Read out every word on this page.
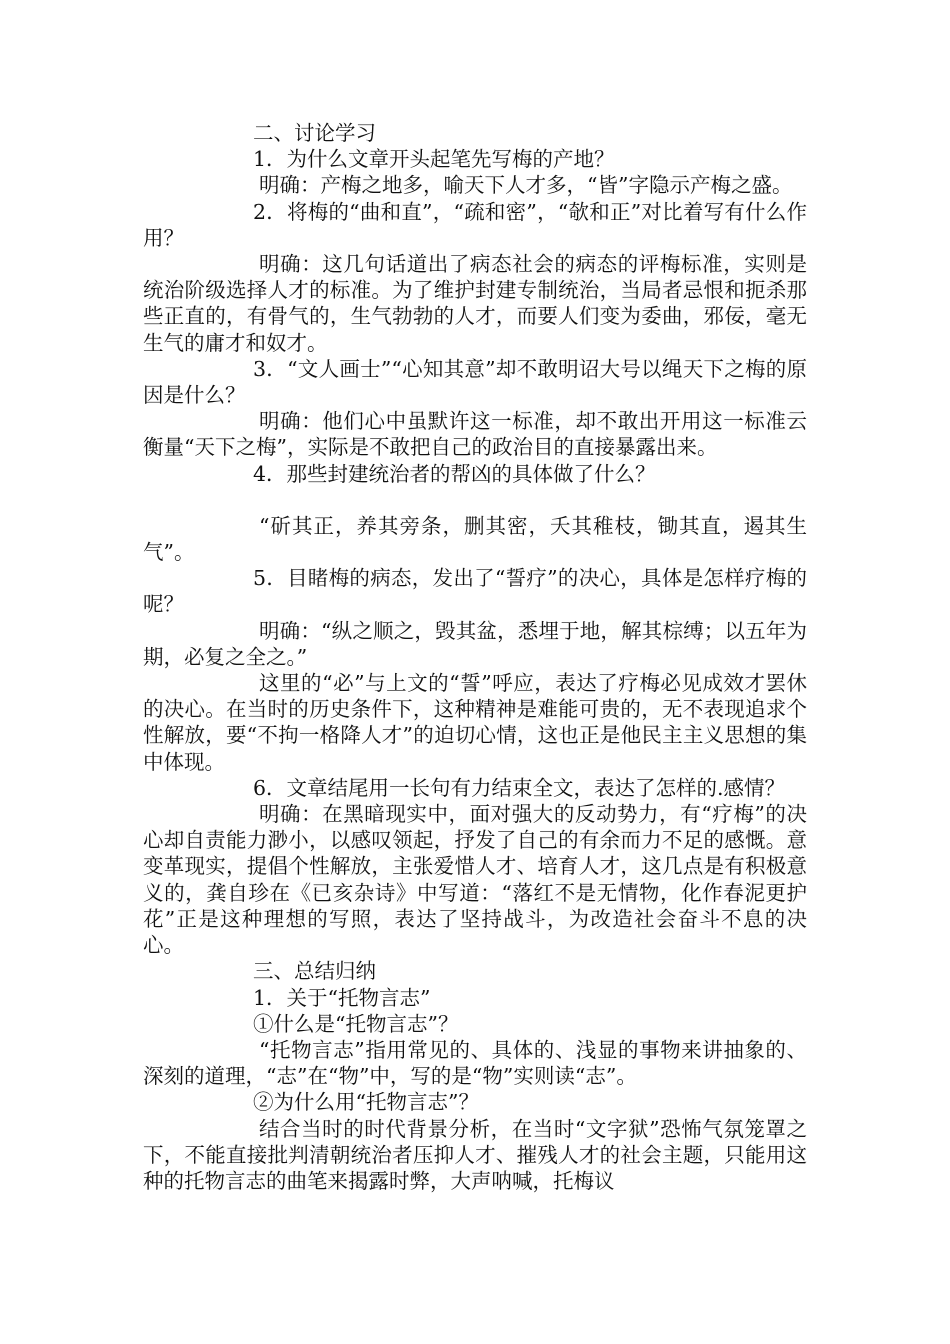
二、讨论学习

1．为什么文章开头起笔先写梅的产地？

明确：产梅之地多，喻天下人才多，“皆”字隐示产梅之盛。

2．将梅的“曲和直”，“疏和密”，“欹和正”对比着写有什么作用？

明确：这几句话道出了病态社会的病态的评梅标准，实则是统治阶级选择人才的标准。为了维护封建专制统治，当局者忌恨和扼杀那些正直的，有骨气的，生气勃勃的人才，而要人们变为委曲，邪佞，毫无生气的庸才和奴才。

3．“文人画士”“心知其意”却不敢明诏大号以绳天下之梅的原因是什么？

明确：他们心中虽默许这一标准，却不敢出开用这一标准云衡量“天下之梅”，实际是不敢把自己的政治目的直接暴露出来。

4．那些封建统治者的帮凶的具体做了什么？

“斫其正，养其旁条，删其密，夭其稚枝，锄其直，遏其生气”。

5．目睹梅的病态，发出了“誓疗”的决心，具体是怎样疗梅的呢？

明确：“纵之顺之，毁其盆，悉埋于地，解其棕缚；以五年为期，必复之全之。”

这里的“必”与上文的“誓”呼应，表达了疗梅必见成效才罢休的决心。在当时的历史条件下，这种精神是难能可贵的，无不表现追求个性解放，要“不拘一格降人才”的迫切心情，这也正是他民主主义思想的集中体现。

6．文章结尾用一长句有力结束全文，表达了怎样的.感情？

明确：在黑暗现实中，面对强大的反动势力，有“疗梅”的决心却自责能力渺小，以感叹领起，抒发了自己的有余而力不足的感慨。意变革现实，提倡个性解放，主张爱惜人才、培育人才，这几点是有积极意义的，龚自珍在《已亥杂诗》中写道：“落红不是无情物，化作春泥更护花”正是这种理想的写照，表达了坚持战斗，为改造社会奋斗不息的决心。

三、总结归纳

1．关于“托物言志”

①什么是“托物言志”？

“托物言志”指用常见的、具体的、浅显的事物来讲抽象的、深刻的道理，“志”在“物”中，写的是“物”实则读“志”。

②为什么用“托物言志”？

结合当时的时代背景分析，在当时“文字狱”恐怖气氛笼罩之下，不能直接批判清朝统治者压抑人才、摧残人才的社会主题，只能用这种的托物言志的曲笔来揭露时弊，大声呐喊，托梅议
